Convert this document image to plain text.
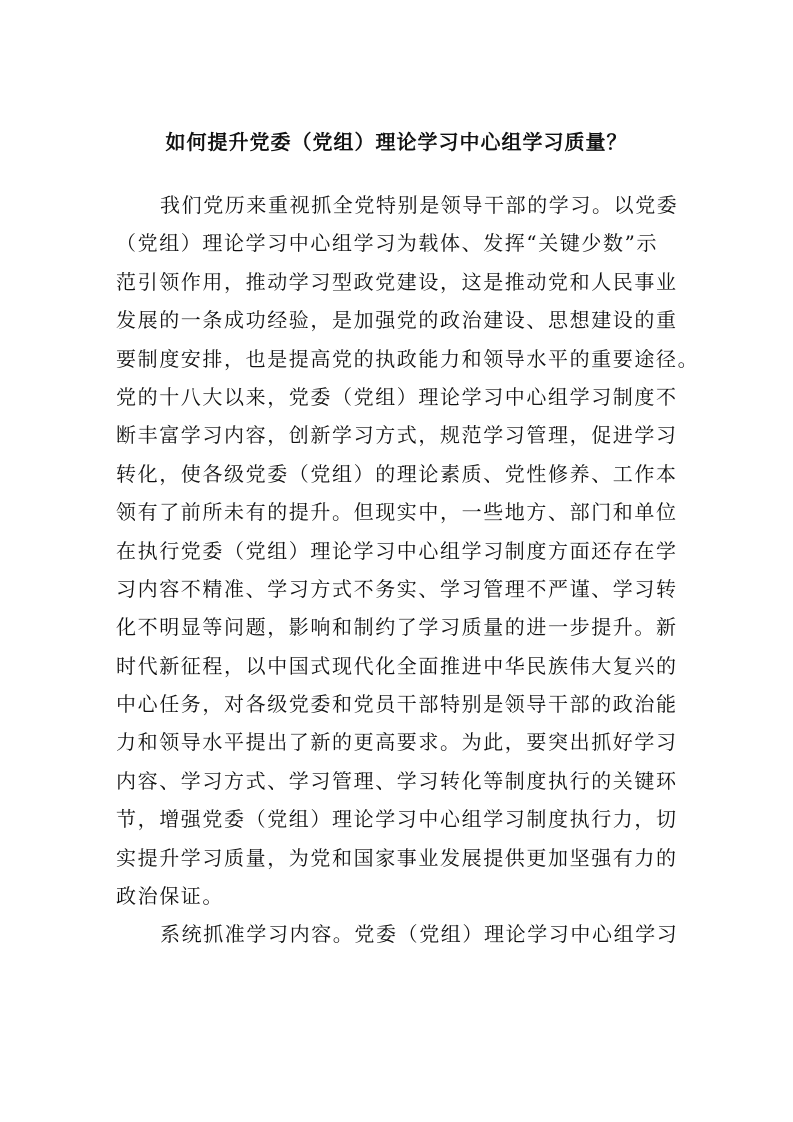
如何提升党委（党组）理论学习中心组学习质量？
我们党历来重视抓全党特别是领导干部的学习。以党委
（党组）理论学习中心组学习为载体、发挥“关键少数”示
范引领作用，推动学习型政党建设，这是推动党和人民事业
发展的一条成功经验，是加强党的政治建设、思想建设的重
要制度安排，也是提高党的执政能力和领导水平的重要途径。
党的十八大以来，党委（党组）理论学习中心组学习制度不
断丰富学习内容，创新学习方式，规范学习管理，促进学习
转化，使各级党委（党组）的理论素质、党性修养、工作本
领有了前所未有的提升。但现实中，一些地方、部门和单位
在执行党委（党组）理论学习中心组学习制度方面还存在学
习内容不精准、学习方式不务实、学习管理不严谨、学习转
化不明显等问题，影响和制约了学习质量的进一步提升。新
时代新征程，以中国式现代化全面推进中华民族伟大复兴的
中心任务，对各级党委和党员干部特别是领导干部的政治能
力和领导水平提出了新的更高要求。为此，要突出抓好学习
内容、学习方式、学习管理、学习转化等制度执行的关键环
节，增强党委（党组）理论学习中心组学习制度执行力，切
实提升学习质量，为党和国家事业发展提供更加坚强有力的
政治保证。
系统抓准学习内容。党委（党组）理论学习中心组学习
